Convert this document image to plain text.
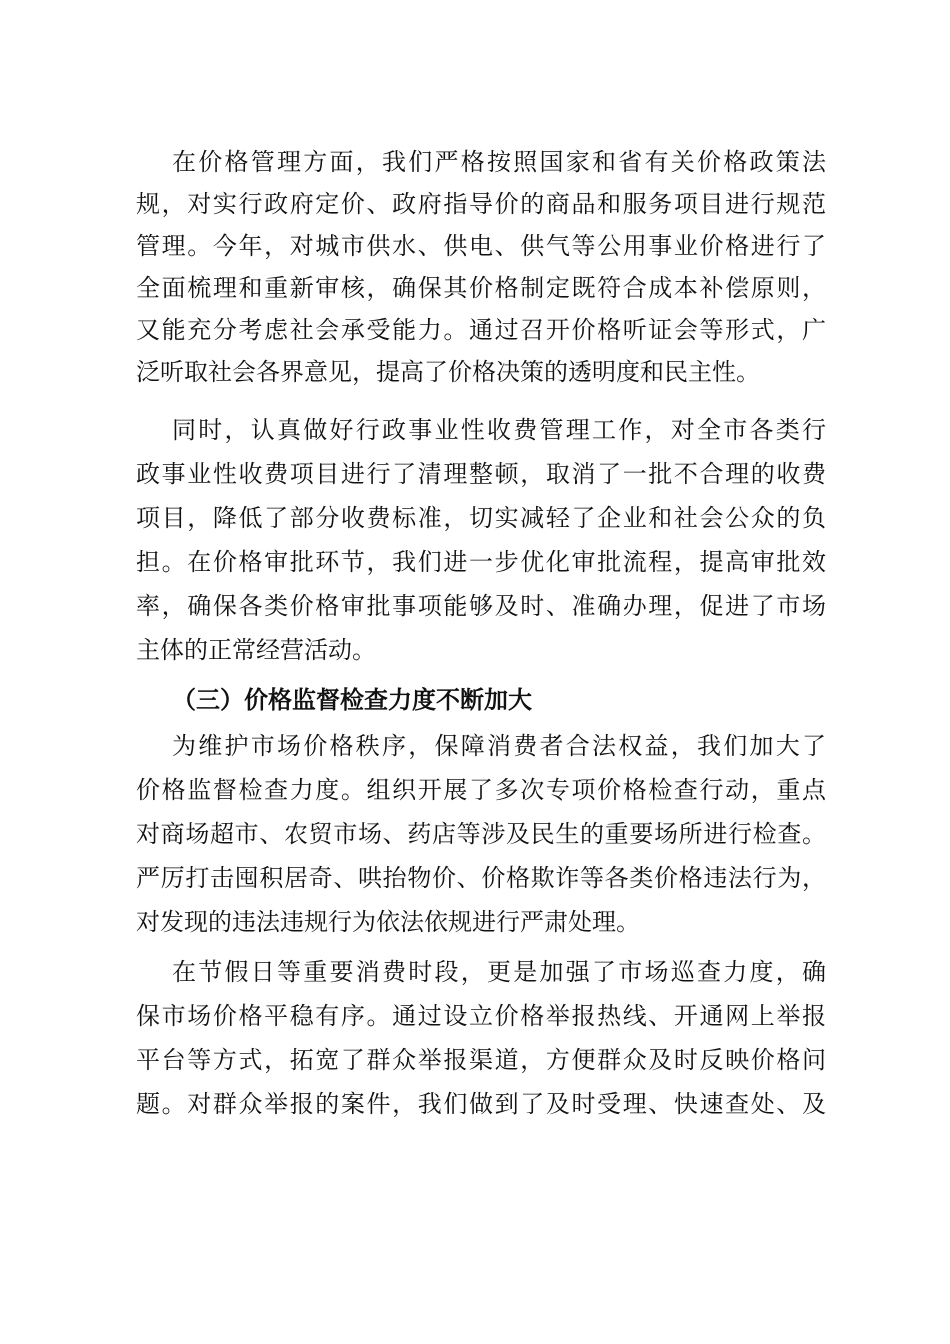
在价格管理方面，我们严格按照国家和省有关价格政策法
规，对实行政府定价、政府指导价的商品和服务项目进行规范
管理。今年，对城市供水、供电、供气等公用事业价格进行了
全面梳理和重新审核，确保其价格制定既符合成本补偿原则，
又能充分考虑社会承受能力。通过召开价格听证会等形式，广
泛听取社会各界意见，提高了价格决策的透明度和民主性。
同时，认真做好行政事业性收费管理工作，对全市各类行
政事业性收费项目进行了清理整顿，取消了一批不合理的收费
项目，降低了部分收费标准，切实减轻了企业和社会公众的负
担。在价格审批环节，我们进一步优化审批流程，提高审批效
率，确保各类价格审批事项能够及时、准确办理，促进了市场
主体的正常经营活动。
（三）价格监督检查力度不断加大
为维护市场价格秩序，保障消费者合法权益，我们加大了
价格监督检查力度。组织开展了多次专项价格检查行动，重点
对商场超市、农贸市场、药店等涉及民生的重要场所进行检查。
严厉打击囤积居奇、哄抬物价、价格欺诈等各类价格违法行为，
对发现的违法违规行为依法依规进行严肃处理。
在节假日等重要消费时段，更是加强了市场巡查力度，确
保市场价格平稳有序。通过设立价格举报热线、开通网上举报
平台等方式，拓宽了群众举报渠道，方便群众及时反映价格问
题。对群众举报的案件，我们做到了及时受理、快速查处、及
